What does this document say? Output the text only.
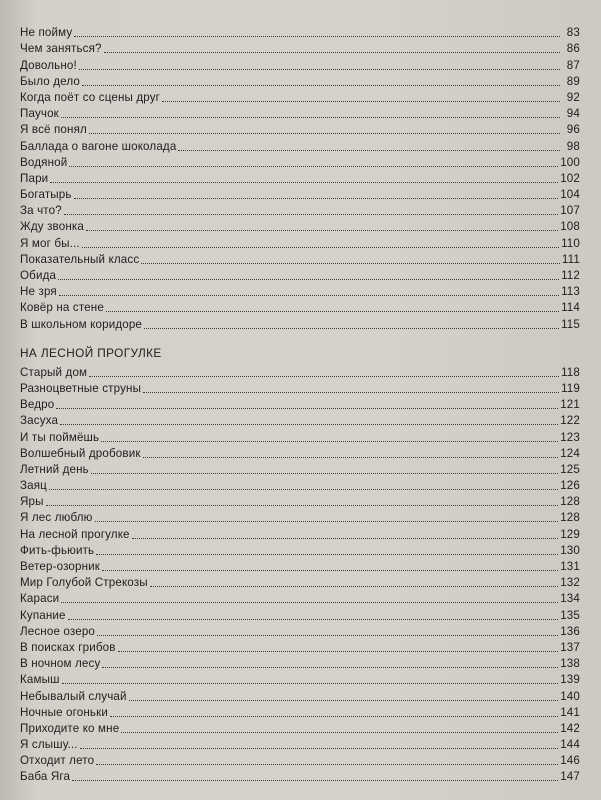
Не пойму	83
Чем заняться?	86
Довольно!	87
Было дело	89
Когда поёт со сцены друг	92
Паучок	94
Я всё понял	96
Баллада о вагоне шоколада	98
Водяной	100
Пари	102
Богатырь	104
За что?	107
Жду звонка	108
Я мог бы...	110
Показательный класс	111
Обида	112
Не зря	113
Ковёр на стене	114
В школьном коридоре	115
НА ЛЕСНОЙ ПРОГУЛКЕ
Старый дом	118
Разноцветные струны	119
Ведро	121
Засуха	122
И ты поймёшь	123
Волшебный дробовик	124
Летний день	125
Заяц	126
Яры	128
Я лес люблю	128
На лесной прогулке	129
Фить-фьюить	130
Ветер-озорник	131
Мир Голубой Стрекозы	132
Караси	134
Купание	135
Лесное озеро	136
В поисках грибов	137
В ночном лесу	138
Камыш	139
Небывалый случай	140
Ночные огоньки	141
Приходите ко мне	142
Я слышу...	144
Отходит лето	146
Баба Яга	147
